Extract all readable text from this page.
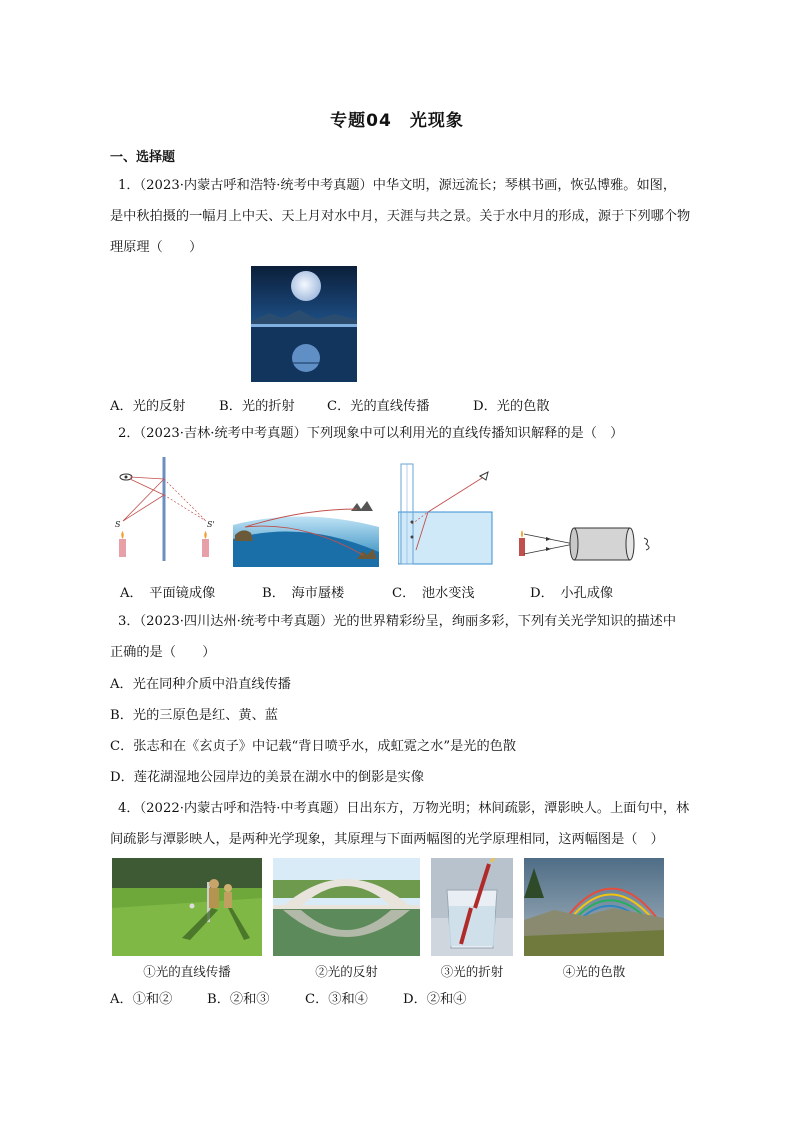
专题04　光现象
一、选择题
1．（2023·内蒙古呼和浩特·统考中考真题）中华文明，源远流长；琴棋书画，恢弘博雅。如图，
是中秋拍摄的一幅月上中天、天上月对水中月，天涯与共之景。关于水中月的形成，源于下列哪个物
理原理（　　）
A．光的反射	B．光的折射 C．光的直线传播	D．光的色散
2．（2023·吉林·统考中考真题）下列现象中可以利用光的直线传播知识解释的是（　）
S	S'
A．　平面镜成像	B．　海市蜃楼	C．　池水变浅	D．　小孔成像
3．（2023·四川达州·统考中考真题）光的世界精彩纷呈，绚丽多彩，下列有关光学知识的描述中
正确的是（　　）
A．光在同种介质中沿直线传播
B．光的三原色是红、黄、蓝
C．张志和在《玄贞子》中记载“背日喷乎水，成虹霓之水”是光的色散
D．莲花湖湿地公园岸边的美景在湖水中的倒影是实像
4．（2022·内蒙古呼和浩特·中考真题）日出东方，万物光明；林间疏影，潭影映人。上面句中，林
间疏影与潭影映人，是两种光学现象，其原理与下面两幅图的光学原理相同，这两幅图是（　）
①光的直线传播	②光的反射	③光的折射	④光的色散
A．①和②	B．②和③	C．③和④	D．②和④
